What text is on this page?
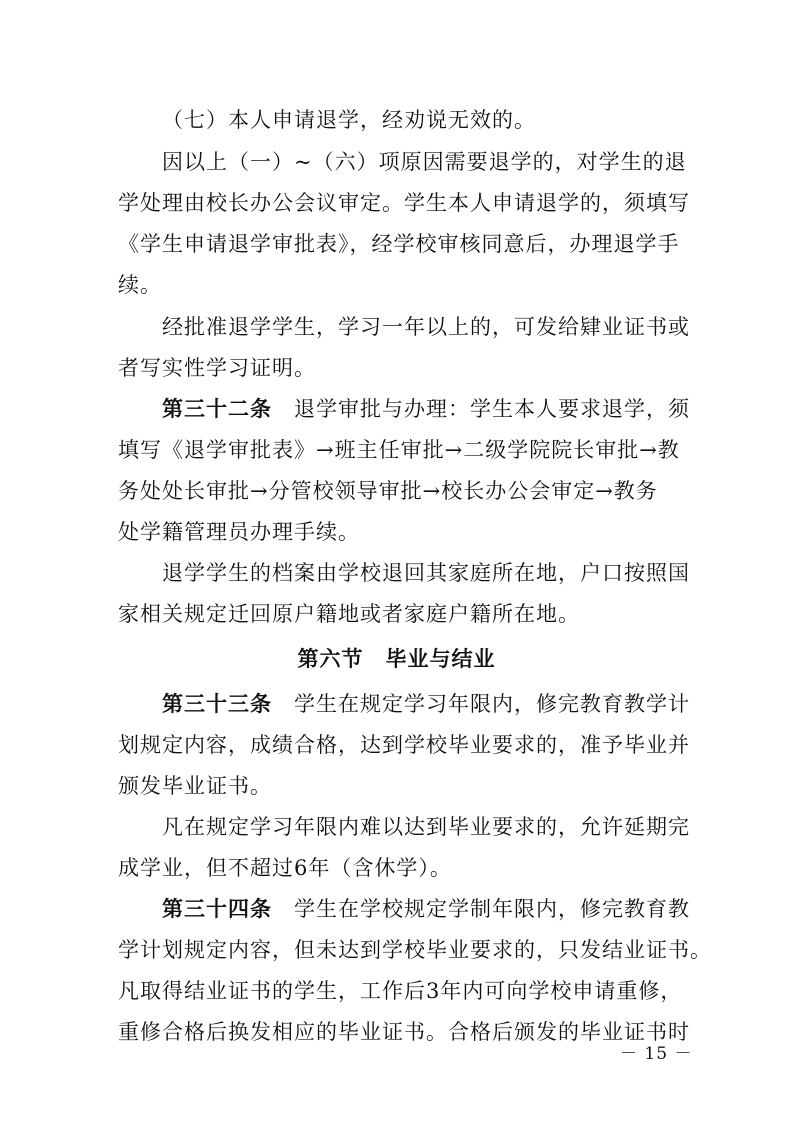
（七）本人申请退学，经劝说无效的。
因以上（一）~（六）项原因需要退学的，对学生的退
学处理由校长办公会议审定。学生本人申请退学的，须填写
《学生申请退学审批表》，经学校审核同意后，办理退学手
续。
经批准退学学生，学习一年以上的，可发给肄业证书或
者写实性学习证明。
第三十二条　 退学审批与办理：学生本人要求退学，须
填写《退学审批表》→班主任审批→二级学院院长审批→教
务处处长审批→分管校领导审批→校长办公会审定→教务
处学籍管理员办理手续。
退学学生的档案由学校退回其家庭所在地，户口按照国
家相关规定迁回原户籍地或者家庭户籍所在地。
第六节　毕业与结业
第三十三条　 学生在规定学习年限内，修完教育教学计
划规定内容，成绩合格，达到学校毕业要求的，准予毕业并
颁发毕业证书。
凡在规定学习年限内难以达到毕业要求的，允许延期完
成学业，但不超过6年（含休学）。
第三十四条　 学生在学校规定学制年限内，修完教育教
学计划规定内容，但未达到学校毕业要求的，只发结业证书。
凡取得结业证书的学生，工作后3年内可向学校申请重修，
重修合格后换发相应的毕业证书。合格后颁发的毕业证书时
－ 15 －
